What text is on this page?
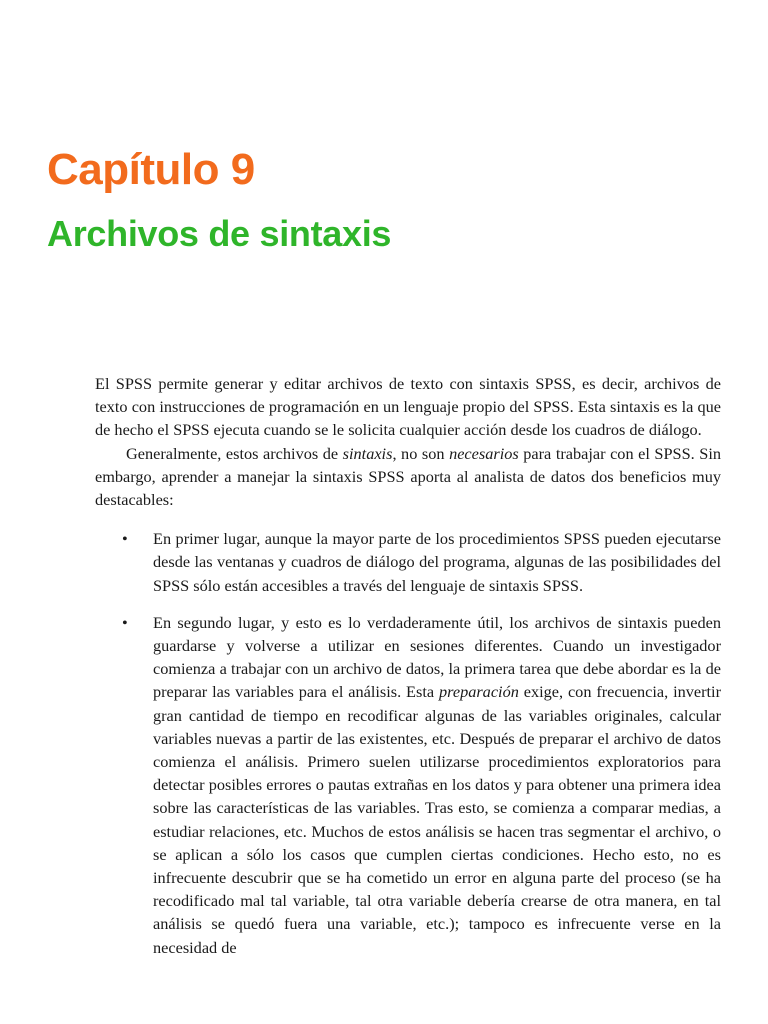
Capítulo 9
Archivos de sintaxis

El SPSS permite generar y editar archivos de texto con sintaxis SPSS, es decir, archivos de texto con instrucciones de programación en un lenguaje propio del SPSS. Esta sintaxis es la que de hecho el SPSS ejecuta cuando se le solicita cualquier acción desde los cuadros de diálogo.

Generalmente, estos archivos de sintaxis, no son necesarios para trabajar con el SPSS. Sin embargo, aprender a manejar la sintaxis SPSS aporta al analista de datos dos beneficios muy destacables:

• En primer lugar, aunque la mayor parte de los procedimientos SPSS pueden ejecutarse desde las ventanas y cuadros de diálogo del programa, algunas de las posibilidades del SPSS sólo están accesibles a través del lenguaje de sintaxis SPSS.
• En segundo lugar, y esto es lo verdaderamente útil, los archivos de sintaxis pueden guardarse y volverse a utilizar en sesiones diferentes. Cuando un investigador comienza a trabajar con un archivo de datos, la primera tarea que debe abordar es la de preparar las variables para el análisis. Esta preparación exige, con frecuencia, invertir gran cantidad de tiempo en recodificar algunas de las variables originales, calcular variables nuevas a partir de las existentes, etc. Después de preparar el archivo de datos comienza el análisis. Primero suelen utilizarse procedimientos exploratorios para detectar posibles errores o pautas extrañas en los datos y para obtener una primera idea sobre las características de las variables. Tras esto, se comienza a comparar medias, a estudiar relaciones, etc. Muchos de estos análisis se hacen tras segmentar el archivo, o se aplican a sólo los casos que cumplen ciertas condiciones. Hecho esto, no es infrecuente descubrir que se ha cometido un error en alguna parte del proceso (se ha recodificado mal tal variable, tal otra variable debería crearse de otra manera, en tal análisis se quedó fuera una variable, etc.); tampoco es infrecuente verse en la necesidad de
